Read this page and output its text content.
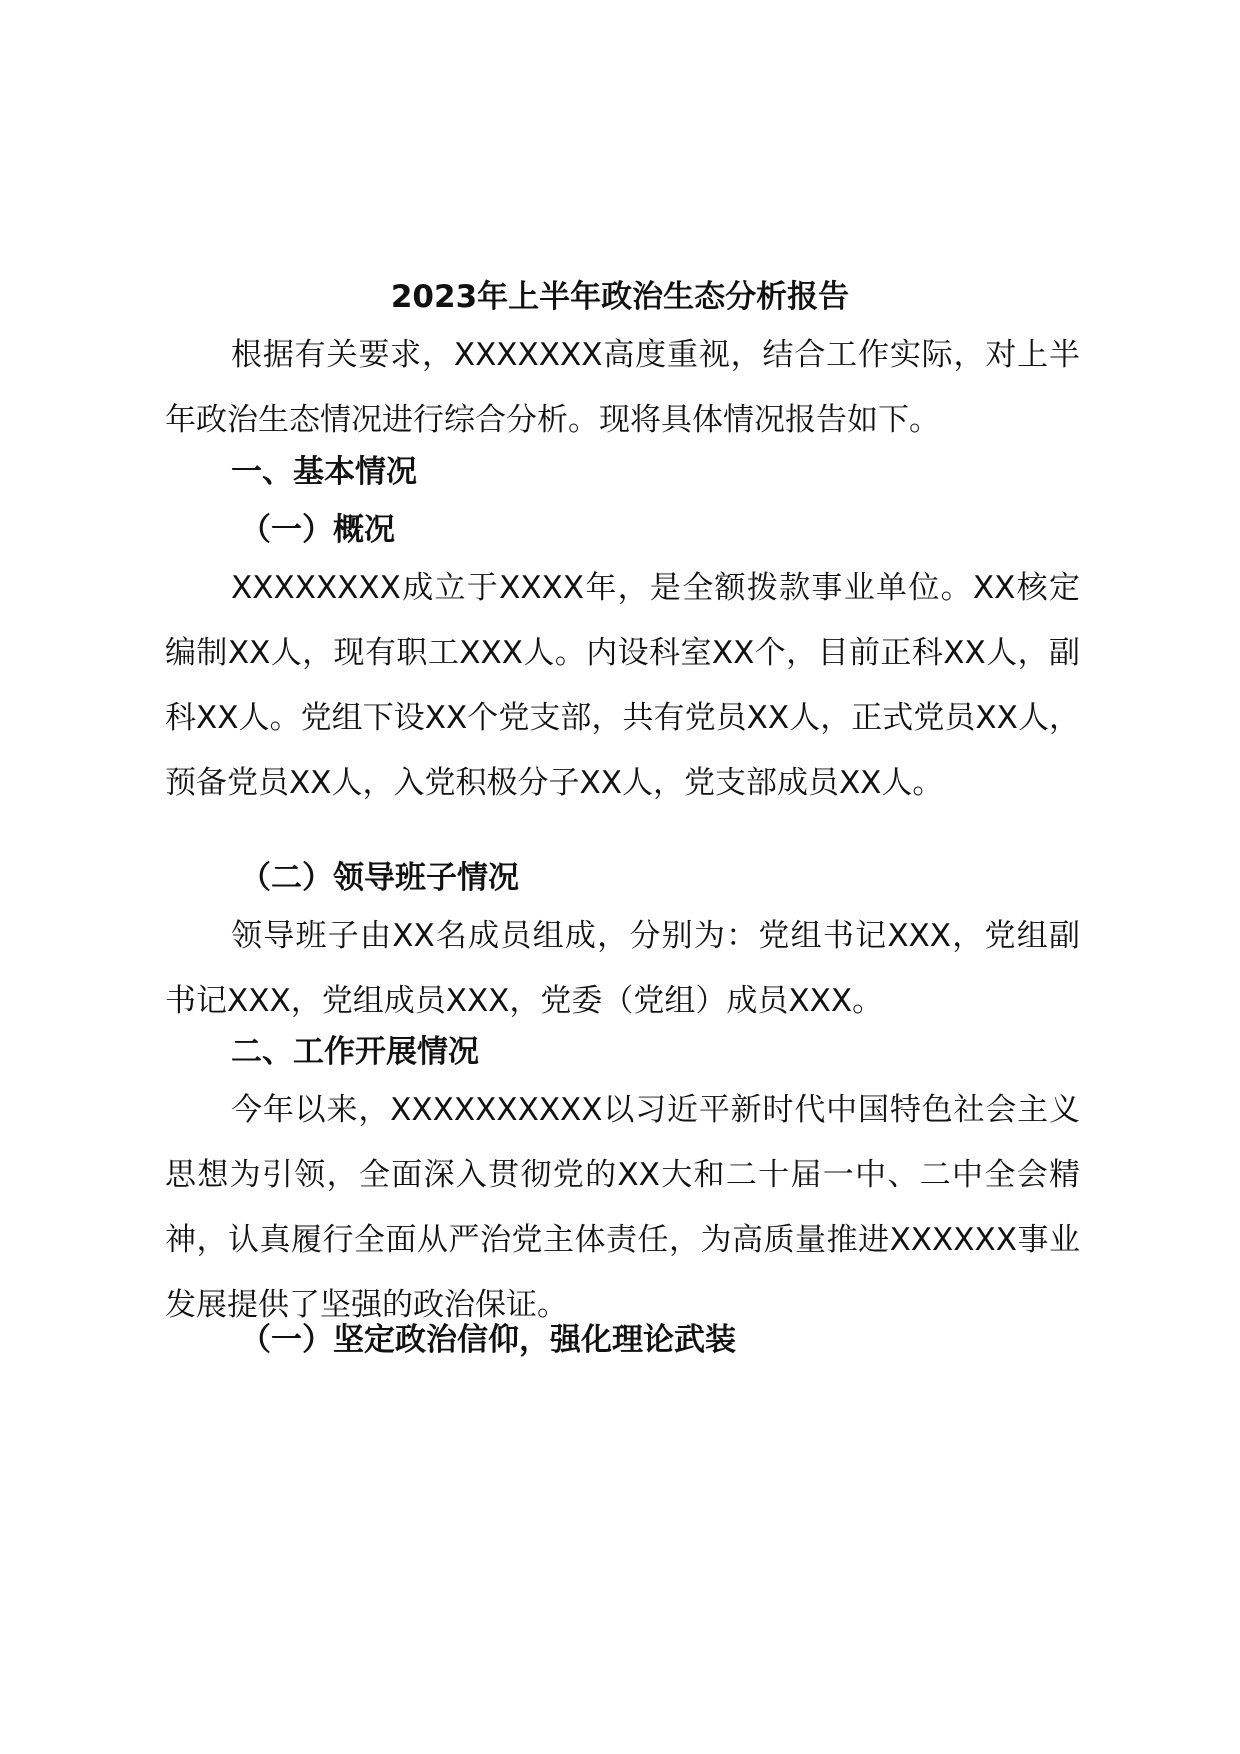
2023年上半年政治生态分析报告

根据有关要求，XXXXXXX高度重视，结合工作实际，对上半年政治生态情况进行综合分析。现将具体情况报告如下。

一、基本情况
（一）概况

XXXXXXXX成立于XXXX年，是全额拨款事业单位。XX核定编制XX人，现有职工XXX人。内设科室XX个，目前正科XX人，副科XX人。党组下设XX个党支部，共有党员XX人，正式党员XX人，预备党员XX人，入党积极分子XX人，党支部成员XX人。

（二）领导班子情况

领导班子由XX名成员组成，分别为：党组书记XXX，党组副书记XXX，党组成员XXX，党委（党组）成员XXX。

二、工作开展情况

今年以来，XXXXXXXXXX以习近平新时代中国特色社会主义思想为引领，全面深入贯彻党的XX大和二十届一中、二中全会精神，认真履行全面从严治党主体责任，为高质量推进XXXXXX事业发展提供了坚强的政治保证。

（一）坚定政治信仰，强化理论武装
